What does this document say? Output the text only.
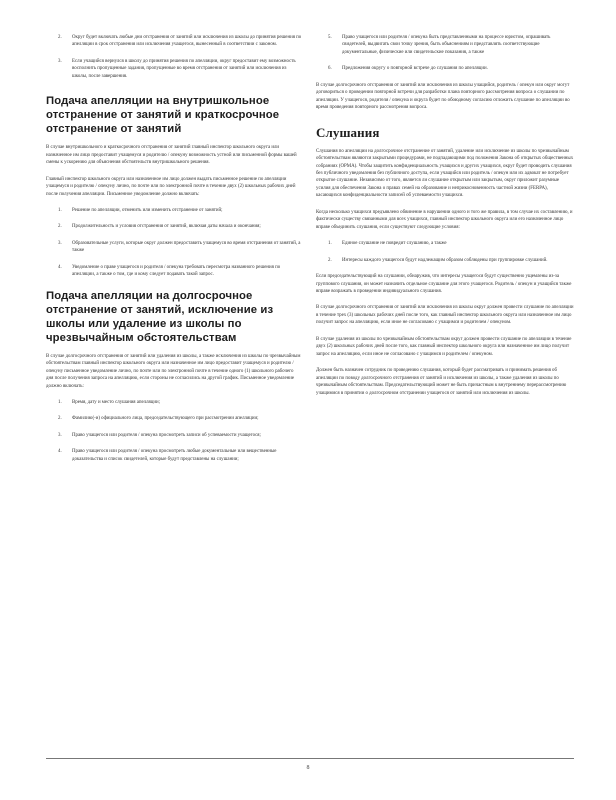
2. Округ будет включать любые дни отстранения от занятий или исключения из школы до принятия решения по апелляции в срок отстранения или исключения учащегося, вынесенный в соответствии с законом.
3. Если учащийся вернулся в школу до принятия решения по апелляции, округ предоставит ему возможность восполнить пропущенные задания, пропущенные во время отстранения от занятий или исключения из школы, после завершения.
Подача апелляции на внутришкольное отстранение от занятий и краткосрочное отстранение от занятий

В случае внутришкольного и краткосрочного отстранения от занятий главный инспектор школьного округа или назначенное им лицо предоставит учащемуся и родителю / опекуну возможность устной или письменной формы вашей смены к ускорению для объяснения обстоятельств внутришкольного решения.

Главный инспектор школьного округа или назначенное им лицо должен выдать письменное решение по апелляции учащемуся и родителю / опекуну лично, по почте или по электронной почте в течение двух (2) школьных рабочих дней после получения апелляции. Письменное уведомление должно включать:

1. Решение по апелляции, отменить или изменить отстранение от занятий;
2. Продолжительность и условия отстранения от занятий, включая даты начала и окончания;
3. Образовательные услуги, которые округ должен предоставить учащемуся во время отстранения от занятий, а также
4. Уведомление о праве учащегося и родителя / опекуна требовать пересмотра названного решения по апелляции, а также о том, где и кому следует подавать такой запрос.
Подача апелляции на долгосрочное отстранение от занятий, исключение из школы или удаление из школы по чрезвычайным обстоятельствам

В случае долгосрочного отстранения от занятий или удаления из школы, а также исключения из школы по чрезвычайным обстоятельствам главный инспектор школьного округа или назначенное им лицо предоставит учащемуся и родителю / опекуну письменное уведомление лично, по почте или по электронной почте в течение одного (1) школьного рабочего дня после получения запроса на апелляцию, если стороны не согласились на другой график. Письменное уведомление должно включать:

1. Время, дату и место слушания апелляции;
2. Фамилию(-и) официального лица, председательствующего при рассмотрении апелляции;
3. Право учащегося или родителя / опекуна просмотреть записи об успеваемости учащегося;
4. Право учащегося или родителя / опекуна просмотреть любые документальные или вещественные доказательства и список свидетелей, которые будут представлены на слушании;
5. Право учащегося или родителя / опекуна быть представленными на процессе юристом, опрашивать свидетелей, выдвигать свои точку зрения, быть объяснениям и представлять соответствующие документальные, физические или свидетельские показания, а также
6. Предложения округу о повторной встрече до слушания по апелляции.

В случае долгосрочного отстранения от занятий или исключения из школы учащийся, родитель / опекун или округ могут договориться о проведении повторной встречи для разработки плана повторного рассмотрения вопроса о слушании по апелляции. У учащегося, родителя / опекуна и округа будет по обоюдному согласию отложить слушание по апелляции во время проведения повторного рассмотрения вопроса.

Слушания

Слушания по апелляции на долгосрочное отстранение от занятий, удаление или исключение из школы по чрезвычайным обстоятельствам являются закрытыми процедурами, не подпадающими под положения Закона об открытых общественных собраниях (OPMA). Чтобы защитить конфиденциальность учащихся и других учащихся, округ будет проводить слушания без публичного уведомления без публичного доступа, если учащийся или родитель / опекун или их адвокат не потребует открытое слушание. Независимо от того, является ли слушание открытым или закрытым, округ приложит разумные усилия для обеспечения Закона о правах семей на образование и неприкосновенность частной жизни (FERPA), касающихся конфиденциальности записей об успеваемости учащихся.

Когда несколько учащихся предъявлено обвинение в нарушении одного и того же правила, в том случае их составлению, и фактически существу связанными для всех учащихся, главный инспектор школьного округа или его назначенное лицо вправе объединить слушания, если существуют следующие условия:

1. Единое слушание не повредит слушанию, а также
2. Интересы каждого учащегося будут надлежащим образом соблюдены при группировке слушаний.

Если председательствующий на слушании, обнаружив, что интересы учащегося будут существенно ущемлены из-за группового слушания, он может назначить отдельное слушание для этого учащегося. Родитель / опекун и учащийся также вправе возражать в проведении индивидуального слушания.

В случае долгосрочного отстранения от занятий или исключения из школы округ должен провести слушание по апелляции в течение трех (3) школьных рабочих дней после того, как главный инспектор школьного округа или назначенное им лицо получит запрос на апелляцию, если иное не согласовано с учащимся и родителем / опекуном.

В случае удаления из школы по чрезвычайным обстоятельствам округ должен провести слушание по апелляции в течение двух (2) школьных рабочих дней после того, как главный инспектор школьного округа или назначенное им лицо получит запрос на апелляцию, если иное не согласовано с учащимся и родителем / опекуном.

Должен быть назначен сотрудник по проведению слушания, который будет рассматривать и принимать решения об апелляции по поводу долгосрочного отстранения от занятий и исключения из школы, а также удаления из школы по чрезвычайным обстоятельствам. Председательствующий может не быть причастным к внутреннему перерассмотрению учащимися в принятии о долгосрочном отстранении учащегося от занятий или исключения из школы.

8
